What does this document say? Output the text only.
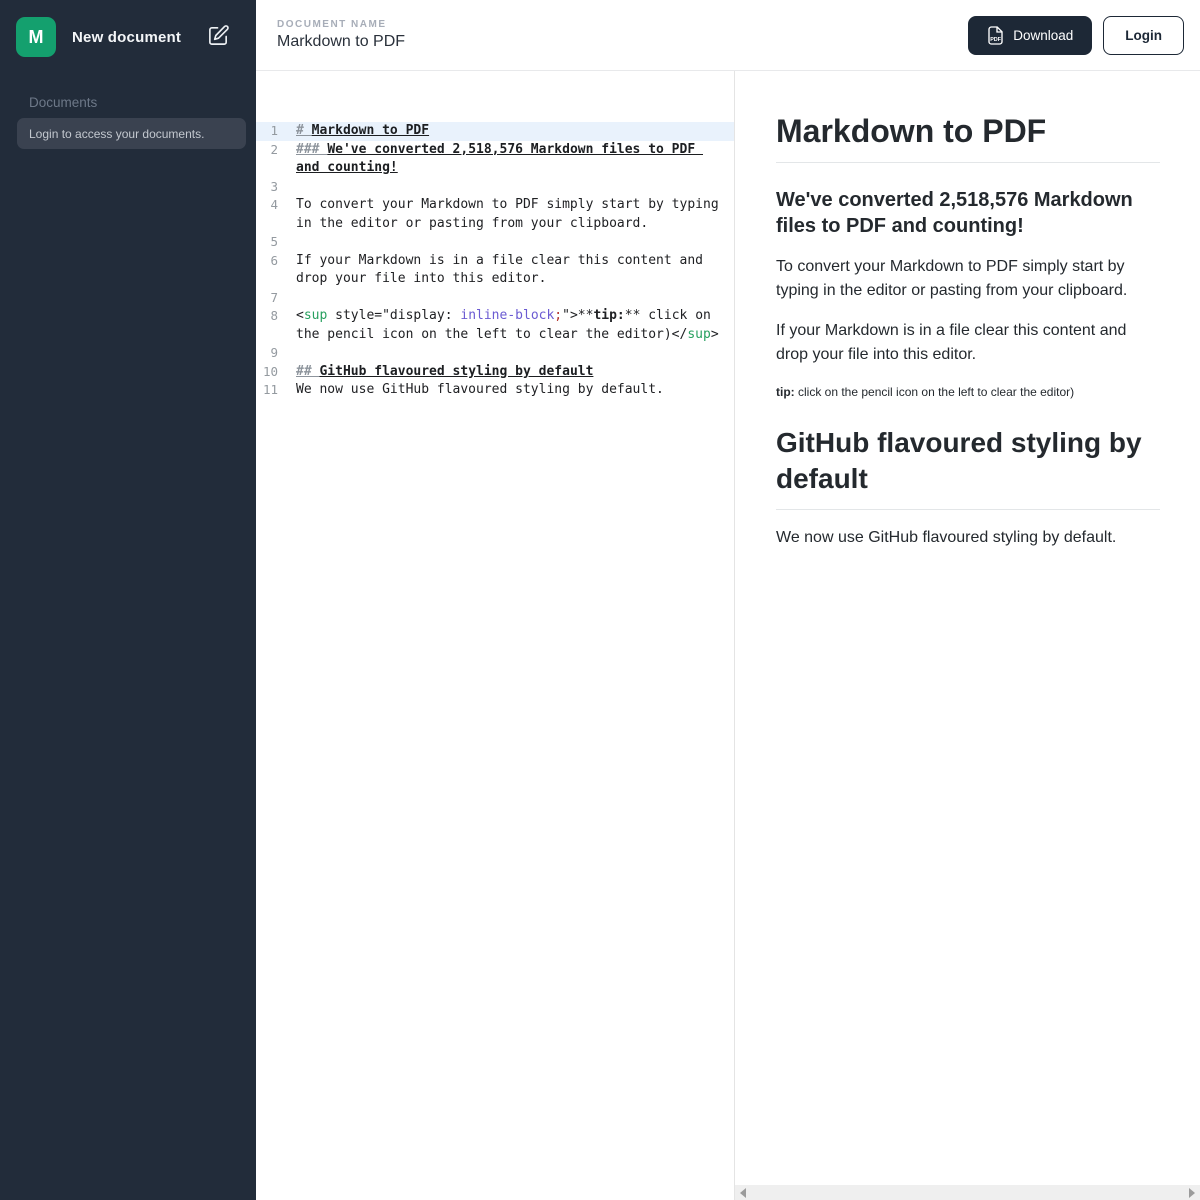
M New document
Documents
Login to access your documents.
DOCUMENT NAME
Markdown to PDF	PDF Download	Login
1	# Markdown to PDF
2	### We've converted 2,518,576 Markdown files to PDF
and counting!
3
4	To convert your Markdown to PDF simply start by typing
in the editor or pasting from your clipboard.
5
6	If your Markdown is in a file clear this content and
drop your file into this editor.
7
8	<sup style="display: inline-block;">**tip:** click on
the pencil icon on the left to clear the editor)</sup>
9
10	## GitHub flavoured styling by default
11	We now use GitHub flavoured styling by default.
Markdown to PDF
We've converted 2,518,576 Markdown files to PDF and counting!

To convert your Markdown to PDF simply start by typing in the editor or pasting from your clipboard.

If your Markdown is in a file clear this content and drop your file into this editor.

tip: click on the pencil icon on the left to clear the editor)

GitHub flavoured styling by default

We now use GitHub flavoured styling by default.
